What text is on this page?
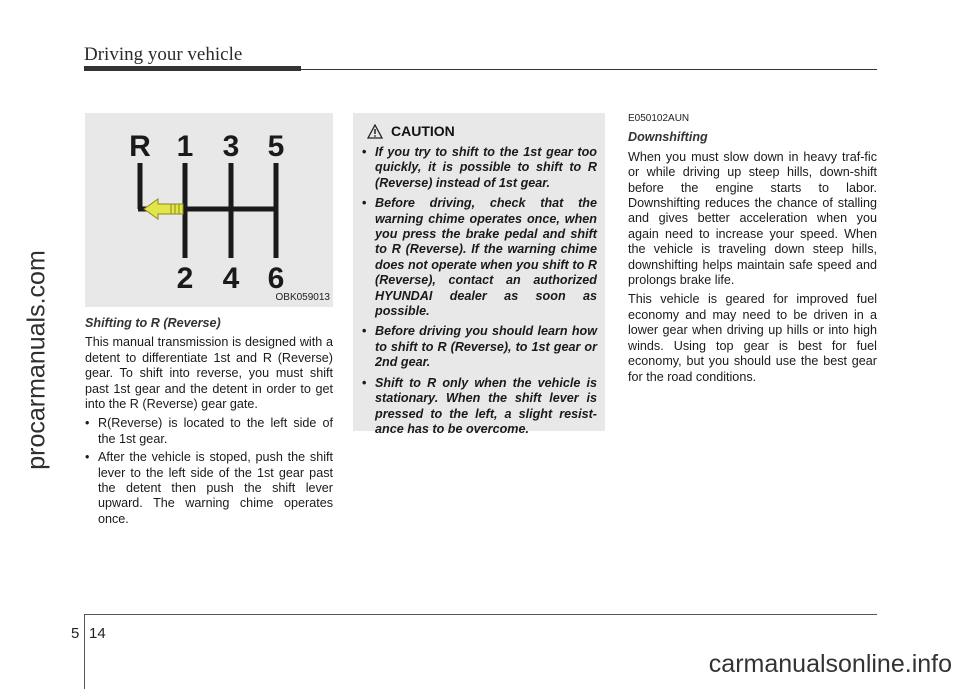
Driving your vehicle
procarmanuals.com
R 1 3 5
2 4 6
OBK059013
Shifting to R (Reverse)

This manual transmission is designed with a detent to differentiate 1st and R (Reverse) gear. To shift into reverse, you must shift past 1st gear and the detent in order to get into the R (Reverse) gear gate.

• R(Reverse) is located to the left side of the 1st gear.
• After the vehicle is stoped, push the shift lever to the left side of the 1st gear past the detent then push the shift lever upward. The warning chime operates once.
CAUTION
• If you try to shift to the 1st gear too quickly, it is possible to shift to R (Reverse) instead of 1st gear.
• Before driving, check that the warning chime operates once, when you press the brake pedal and shift to R (Reverse). If the warning chime does not operate when you shift to R (Reverse), contact an authorized HYUNDAI dealer as soon as possible.
• Before driving you should learn how to shift to R (Reverse), to 1st gear or 2nd gear.
• Shift to R only when the vehicle is stationary. When the shift lever is pressed to the left, a slight resist-ance has to be overcome.
E050102AUN
Downshifting

When you must slow down in heavy traf-fic or while driving up steep hills, down-shift before the engine starts to labor. Downshifting reduces the chance of stalling and gives better acceleration when you again need to increase your speed. When the vehicle is traveling down steep hills, downshifting helps maintain safe speed and prolongs brake life.

This vehicle is geared for improved fuel economy and may need to be driven in a lower gear when driving up hills or into high winds. Using top gear is best for fuel economy, but you should use the best gear for the road conditions.

5 14
carmanualsonline.info
